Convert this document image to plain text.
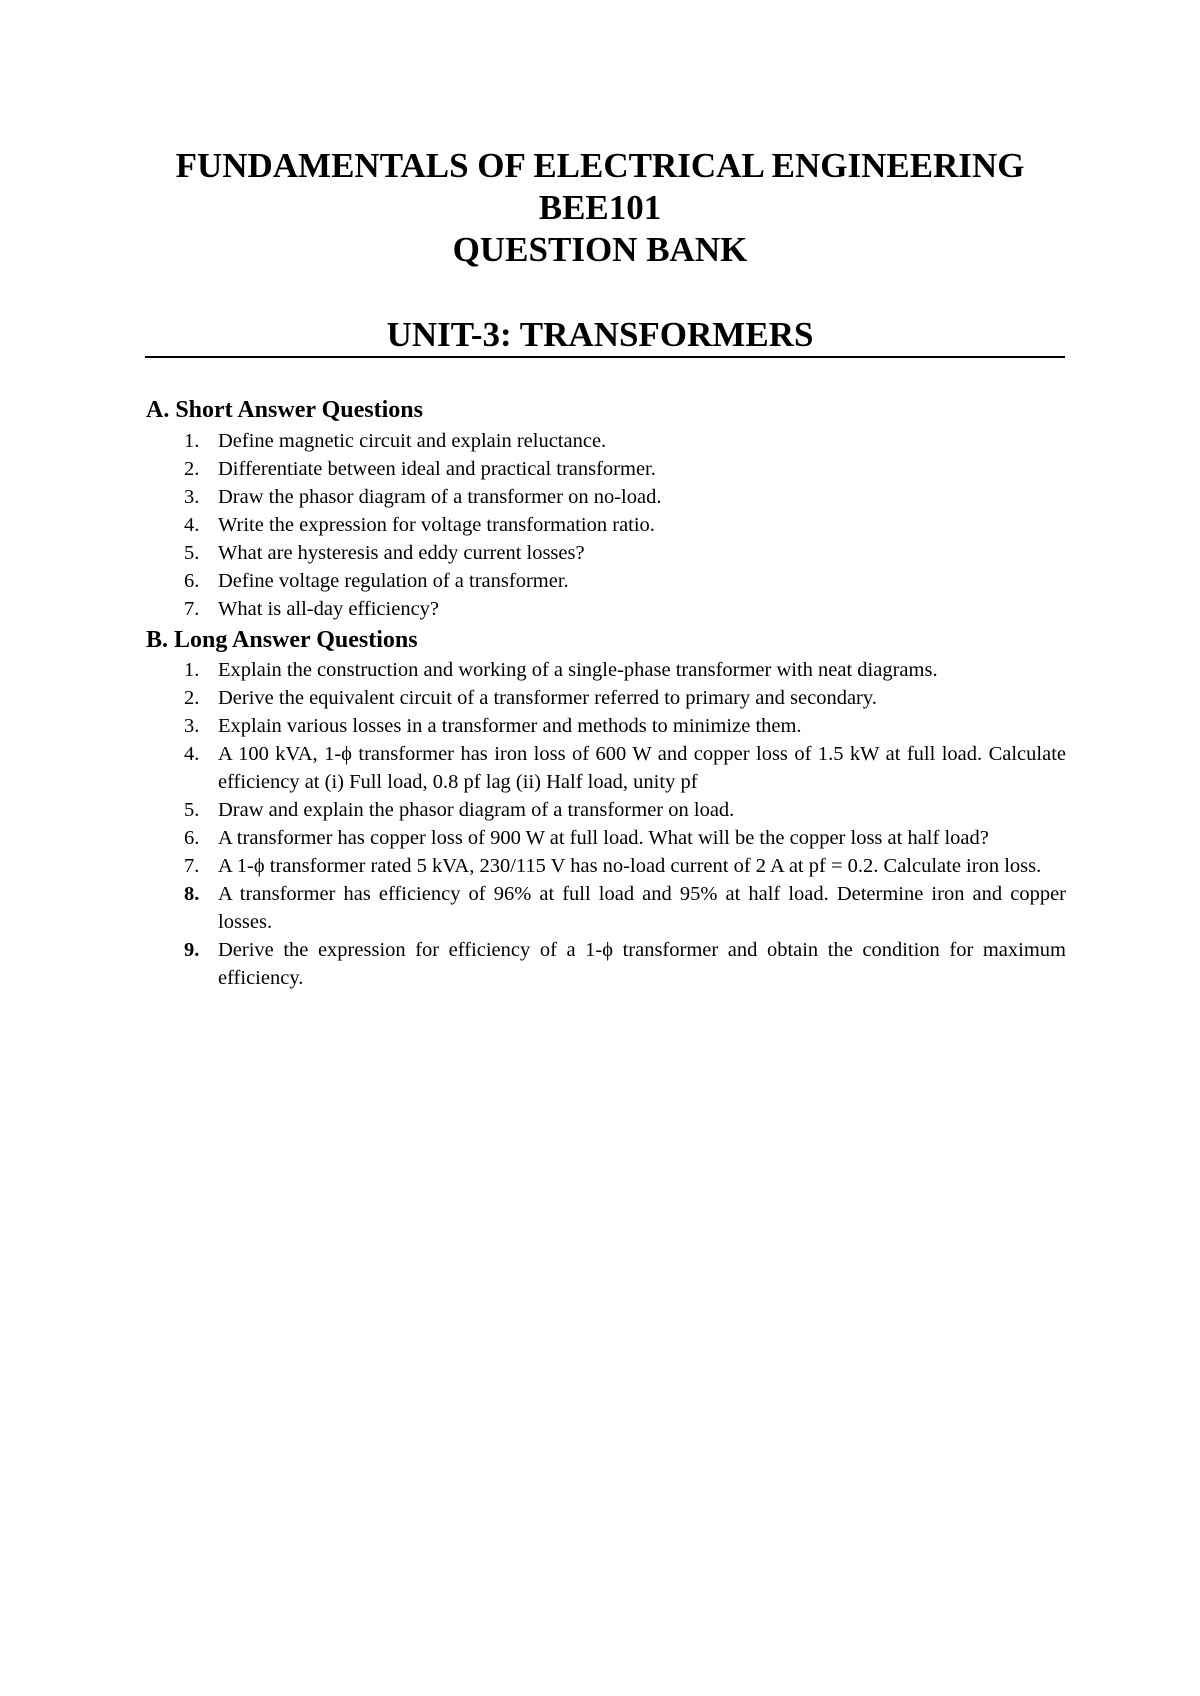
FUNDAMENTALS OF ELECTRICAL ENGINEERING
BEE101
QUESTION BANK
UNIT-3: TRANSFORMERS
A. Short Answer Questions
1. Define magnetic circuit and explain reluctance.
2. Differentiate between ideal and practical transformer.
3. Draw the phasor diagram of a transformer on no-load.
4. Write the expression for voltage transformation ratio.
5. What are hysteresis and eddy current losses?
6. Define voltage regulation of a transformer.
7. What is all-day efficiency?
B. Long Answer Questions
1. Explain the construction and working of a single-phase transformer with neat diagrams.
2. Derive the equivalent circuit of a transformer referred to primary and secondary.
3. Explain various losses in a transformer and methods to minimize them.
4. A 100 kVA, 1-ϕ transformer has iron loss of 600 W and copper loss of 1.5 kW at full load. Calculate efficiency at (i) Full load, 0.8 pf lag (ii) Half load, unity pf
5. Draw and explain the phasor diagram of a transformer on load.
6. A transformer has copper loss of 900 W at full load. What will be the copper loss at half load?
7. A 1-ϕ transformer rated 5 kVA, 230/115 V has no-load current of 2 A at pf = 0.2. Calculate iron loss.
8. A transformer has efficiency of 96% at full load and 95% at half load. Determine iron and copper losses.
9. Derive the expression for efficiency of a 1-ϕ transformer and obtain the condition for maximum efficiency.
